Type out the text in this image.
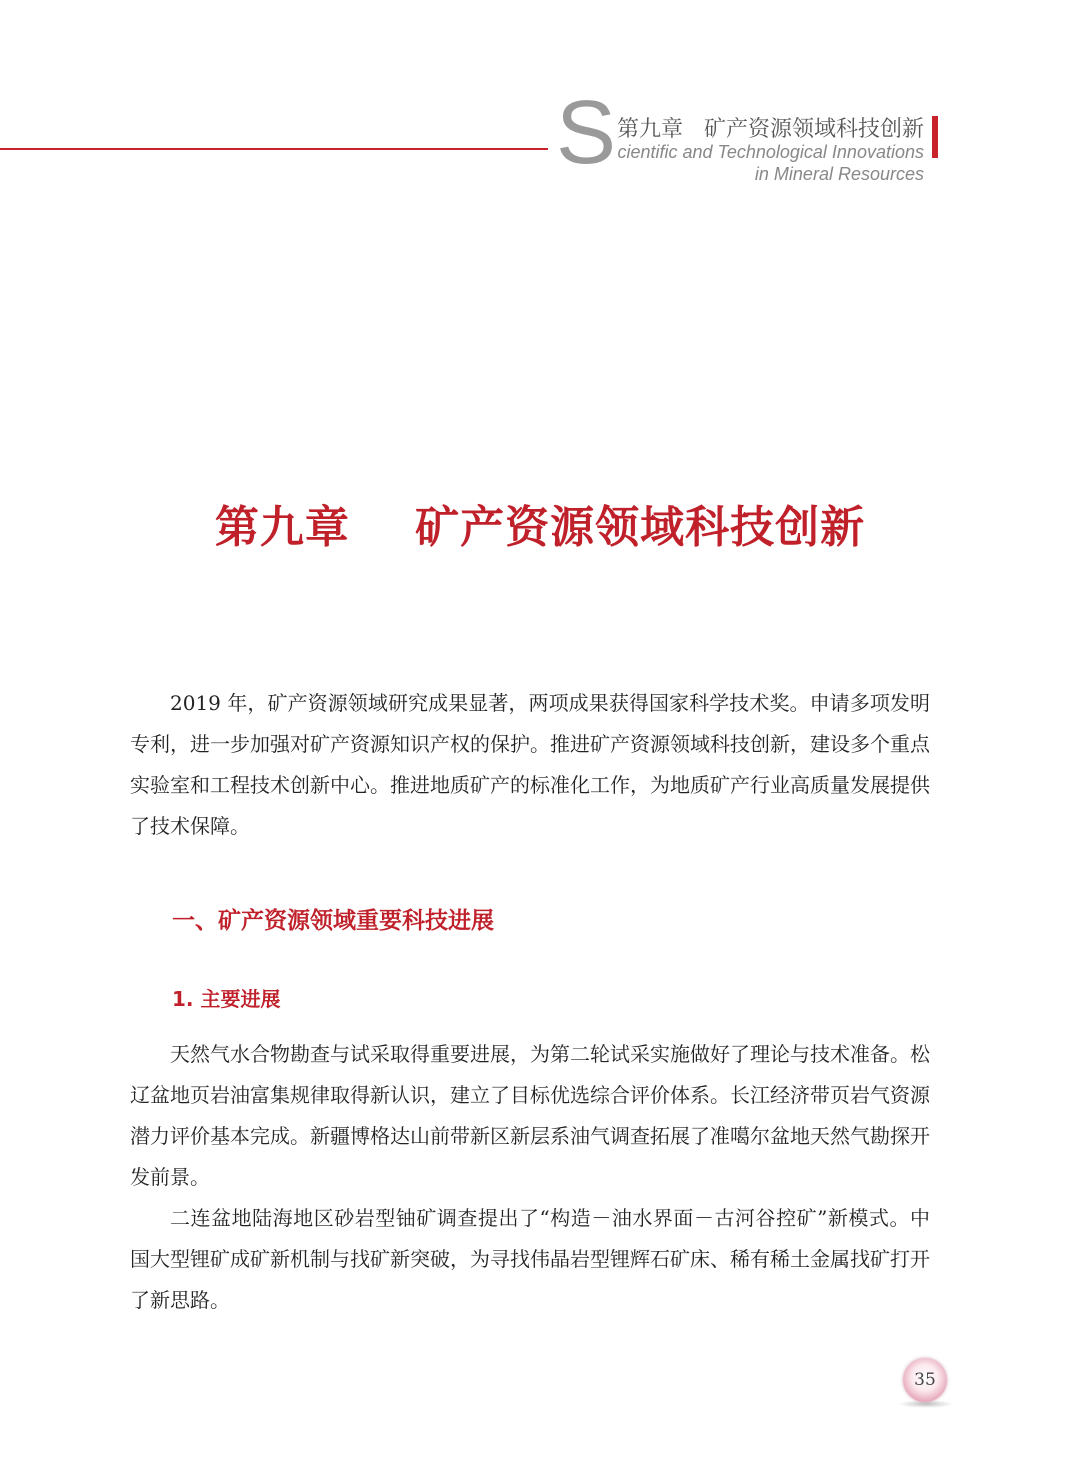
S 第九章   矿产资源领域科技创新
cientific and Technological Innovations
in Mineral Resources
第九章    矿产资源领域科技创新

2019 年，矿产资源领域研究成果显著，两项成果获得国家科学技术奖。申请多项发明专利，进一步加强对矿产资源知识产权的保护。推进矿产资源领域科技创新，建设多个重点实验室和工程技术创新中心。推进地质矿产的标准化工作，为地质矿产行业高质量发展提供了技术保障。

一、矿产资源领域重要科技进展
1. 主要进展

天然气水合物勘查与试采取得重要进展，为第二轮试采实施做好了理论与技术准备。松辽盆地页岩油富集规律取得新认识，建立了目标优选综合评价体系。长江经济带页岩气资源潜力评价基本完成。新疆博格达山前带新区新层系油气调查拓展了准噶尔盆地天然气勘探开发前景。

二连盆地陆海地区砂岩型铀矿调查提出了“构造－油水界面－古河谷控矿”新模式。中国大型锂矿成矿新机制与找矿新突破，为寻找伟晶岩型锂辉石矿床、稀有稀土金属找矿打开了新思路。

35
